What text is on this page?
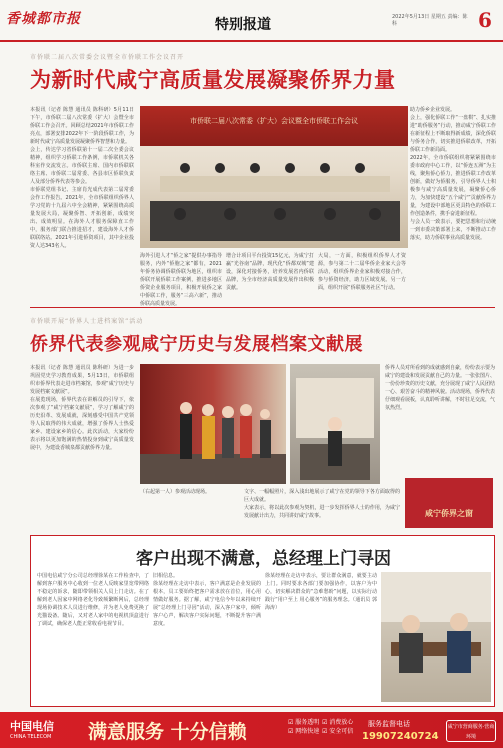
香城都市报	特别报道	2022年5月13日 星期五 责编：陈科	6
市侨联二届八次常委会议暨全市侨联工作会议召开
为新时代咸宁高质量发展凝聚侨界力量
本报讯（记者 陈慧 通讯员 陈科研）5月11日下午，市侨联二届八次常委（扩大）会暨全市侨联工作会召开。回顾总结2021年市侨联工作亮点，部署安排2022年下一阶段侨联工作，为新时代咸宁高质量发展凝聚侨界智慧和力量。
会上，传达学习省侨联第十一届二次全委会议精神，组织学习侨联工作条例，市侨联机关各科室作交流发言。市侨联主席、国内市侨联联络主席、市侨联二届常委、各县市区侨联负责人及部分侨界代表等参会。
市侨联党组书记、主席肖光成代表第二届常委会作工作报告。2021年，全市侨联组织侨界人学习党的十九届六中全会精神，紧紧围绕高质量发展大局，凝聚侨智、开拓创新，成绩突出、成效明显。在海外人才服务保障直工作中，服务部门联合推进招才，建设海外人才侨联联络站。2021年引进侨资项目，其中企业投资人达343名人。
市侨联二届八次常委（扩大）会议暨全市侨联工作会议
助力侨乡企业发展。
会上，强化侨联工作“一盘棋”、扎实推进“助侨服务”行动，推动咸宁侨联工作在新征程上不断取得新成绩，深化侨联与侨务合作，切实推进侨联改革，开拓侨联工作新局面。
2022年，全市侨联组织将紧紧围绕市委市政府中心工作，以“侨连五洲”为主线，聚焦侨心侨力，推进侨联工作改革创新，做好为侨服务，引导侨界人士积极参与咸宁高质量发展，凝聚侨心侨力，为加快建设“五个咸宁”贡献侨界力量，为建设中部地区更具特色的侨联工作创造条件，携手奋进新征程。
与会人员一致表示，要把思想和行动统一到市委决策部署上来，不断推动工作落实，助力侨联事业高质量发展。
海外引进人才“侨之家”提供办事指导服务，内外“侨胞之家”都有，2021年侨务协调侨联侨联为地区，组织市侨联开展侨联工作案例，推进多地区侨资企业服务项目，积极开展侨之家中侨联工作，服务“三高六新”，推动侨联高质量发展。
增合计项目平台投资15亿元，为咸宁打赢“光谷南”品牌，现代化“侨都双城”建设，深化对接侨务，培养发展省内侨联品牌，为全市经济高质量发展作出积极贡献。
大局，一方面，积极组织侨界人才资源，参与第二十二届华侨企业家大会等活动，组织侨界企业家积极对接合作，参与侨资经济，助力区域发展。另一方面，组织开展“侨联服务社区”行动。
市侨联开展“侨界人士进档案馆”活动
侨界代表参观咸宁历史与发展档案文献展
本报讯（记者 陈慧 通讯员 陈科研）为进一步巩固党史学习教育成果，5月13日，市侨联组织市侨界代表走进市档案馆，参观“咸宁历史与发展档案文献展”。
在展览现场，侨界代表在讲解员的引导下，依次参观了“咸宁档案文献展”，学习了解咸宁的历史沿革、发展成就，深刻感受中国共产党领导人民取得的伟大成就，增强了侨界人士热爱家乡、建设家乡的信心。此次活动，大家纷纷表示将以更加饱满的热情投身到咸宁高质量发展中，为建设香城泉都贡献侨界力量。
侨界人员对所看到的成就感到自豪，纷纷表示要为咸宁的建设和发展贡献自己的力量。一张张图片、一份份珍贵的历史文献，充分展现了咸宁人民团结一心、艰苦奋斗的精神风貌。活动现场，侨界代表仔细观看展板，认真聆听讲解，不时驻足交流，气氛热烈。
咸宁侨界之窗
（右起第一人）参观活动现场。	文字、一幅幅照片，深入浅出地展示了咸宁在党的领导下各方面取得的巨大成就。
大家表示，将以此次参观为契机，进一步发挥侨界人士的作用，为咸宁发展献计出力，共同讲好咸宁故事。
客户出现不满意，总经理上门寻因
中国电信咸宁分公司总经理徐某在工作检查中，了解到客户服务中心收到一位老人反映家里宽带网络不稳定的诉求，随即带领相关人员上门走访。在了解到老人因家中网络老化导致频繁断网后，总经理现场协调技术人员进行维修，并为老人免费更换了光猫设备。随后，又对老人家中的电视机顶盒进行了调试，确保老人能正常收看电视节目。
旧相信息。
徐某经理在走访中表示，客户满意是企业发展的根本，员工要始终把客户需求放在首位，用心用情做好服务。据了解，咸宁电信今年以来持续开展“总经理上门寻因”活动，深入客户家中，倾听客户心声，解决客户实际问题，不断提升客户满意度。
徐某经理在走访中表示，要让群众满意，就要主动上门。同时要求各部门要加强协作，以客户为中心，切实解决群众的“急难愁盼”问题，以实际行动践行“用户至上 用心服务”的服务理念。（通讯员 郭海涛）
中国电信
CHINA TELECOM 满意服务 十分信赖	☑ 服务透明 ☑ 消费放心 ☑ 网络快速 ☑ 安全可信
服务监督电话
19907240724
咸宁市营商服务·营商环境
